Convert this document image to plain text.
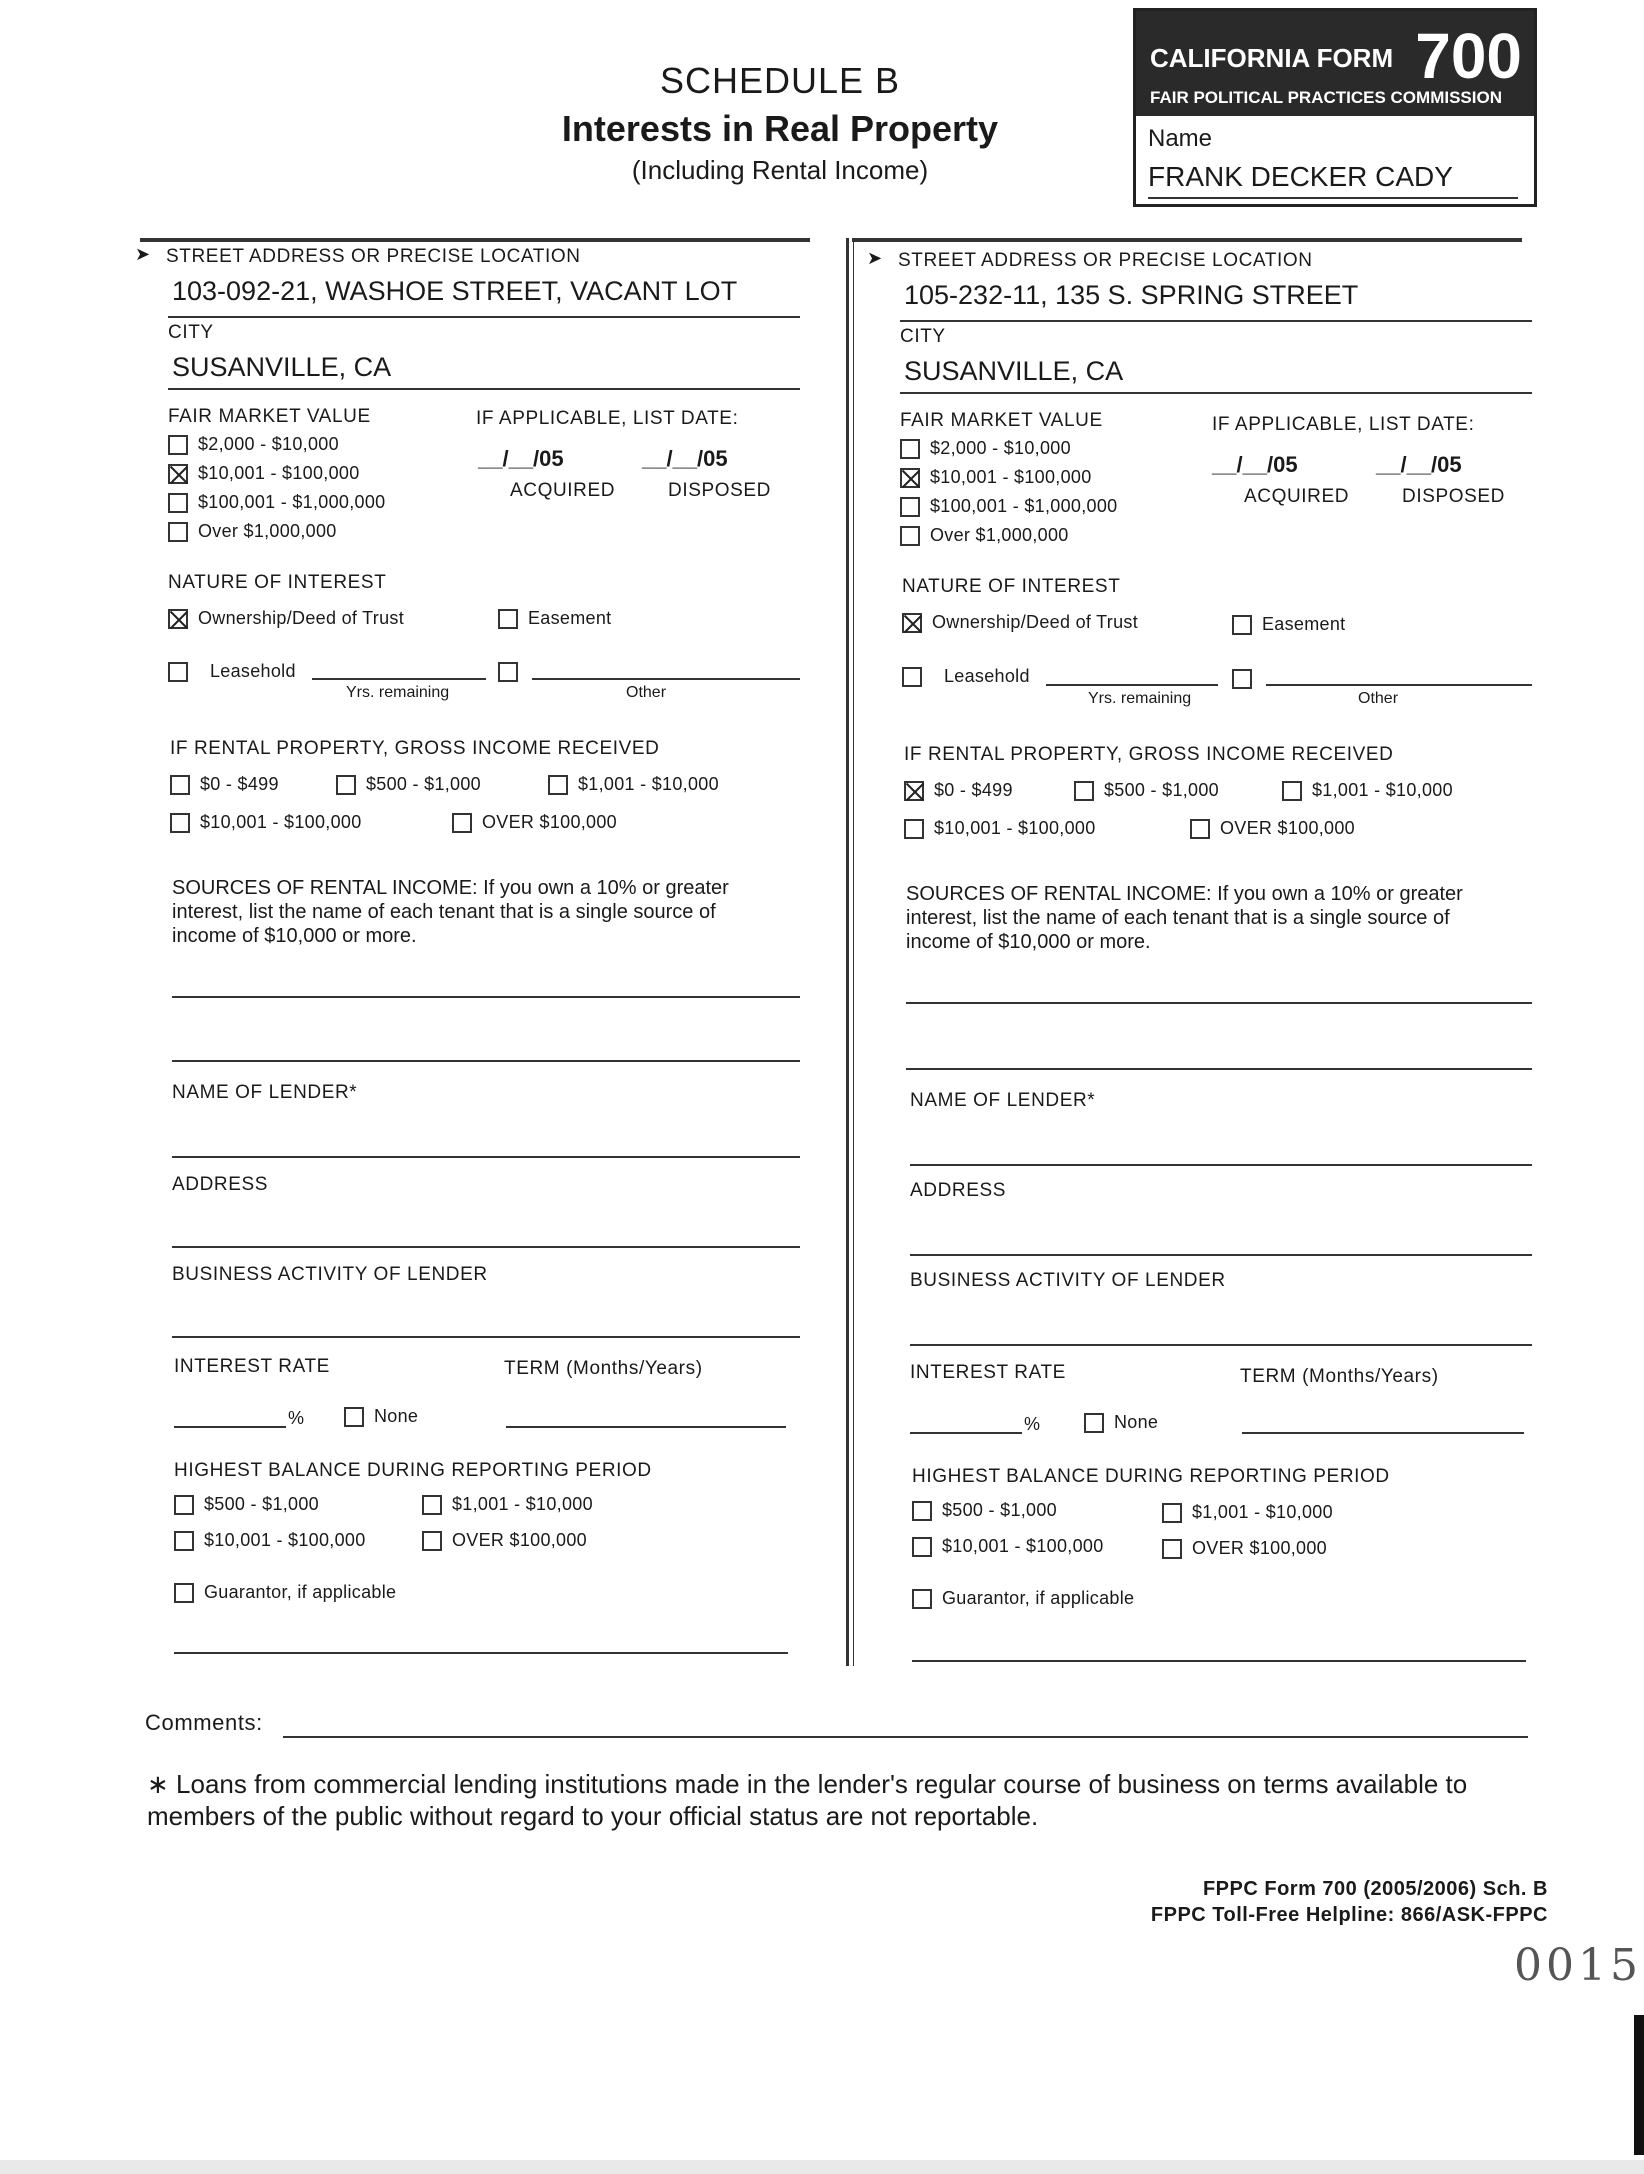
SCHEDULE B
Interests in Real Property
(Including Rental Income)
CALIFORNIA FORM 700
FAIR POLITICAL PRACTICES COMMISSION
Name
FRANK DECKER CADY
➤ STREET ADDRESS OR PRECISE LOCATION
103-092-21, WASHOE STREET, VACANT LOT
CITY
SUSANVILLE, CA
FAIR MARKET VALUE
$2,000 - $10,000
$10,001 - $100,000
$100,001 - $1,000,000
Over $1,000,000
IF APPLICABLE, LIST DATE:
__/__/05
ACQUIRED
__/__/05
DISPOSED
NATURE OF INTEREST
Ownership/Deed of Trust	Easement
Leasehold
Yrs. remaining	Other
IF RENTAL PROPERTY, GROSS INCOME RECEIVED
$0 - $499	$500 - $1,000	$1,001 - $10,000
$10,001 - $100,000	OVER $100,000
SOURCES OF RENTAL INCOME: If you own a 10% or greater interest, list the name of each tenant that is a single source of income of $10,000 or more.
NAME OF LENDER*
ADDRESS
BUSINESS ACTIVITY OF LENDER
INTEREST RATE	TERM (Months/Years)
%	None
HIGHEST BALANCE DURING REPORTING PERIOD
$500 - $1,000	$1,001 - $10,000
$10,001 - $100,000	OVER $100,000
Guarantor, if applicable
➤ STREET ADDRESS OR PRECISE LOCATION
105-232-11, 135 S. SPRING STREET
CITY
SUSANVILLE, CA
FAIR MARKET VALUE
$2,000 - $10,000
$10,001 - $100,000
$100,001 - $1,000,000
Over $1,000,000
IF APPLICABLE, LIST DATE:
__/__/05
ACQUIRED
__/__/05
DISPOSED
NATURE OF INTEREST
Ownership/Deed of Trust	Easement
Leasehold
Yrs. remaining	Other
IF RENTAL PROPERTY, GROSS INCOME RECEIVED
$0 - $499	$500 - $1,000	$1,001 - $10,000
$10,001 - $100,000	OVER $100,000
SOURCES OF RENTAL INCOME: If you own a 10% or greater interest, list the name of each tenant that is a single source of income of $10,000 or more.
NAME OF LENDER*
ADDRESS
BUSINESS ACTIVITY OF LENDER
INTEREST RATE	TERM (Months/Years)
%	None
HIGHEST BALANCE DURING REPORTING PERIOD
$500 - $1,000	$1,001 - $10,000
$10,001 - $100,000	OVER $100,000
Guarantor, if applicable
Comments:
∗ Loans from commercial lending institutions made in the lender's regular course of business on terms available to members of the public without regard to your official status are not reportable.
FPPC Form 700 (2005/2006) Sch. B
FPPC Toll-Free Helpline: 866/ASK-FPPC
0015
